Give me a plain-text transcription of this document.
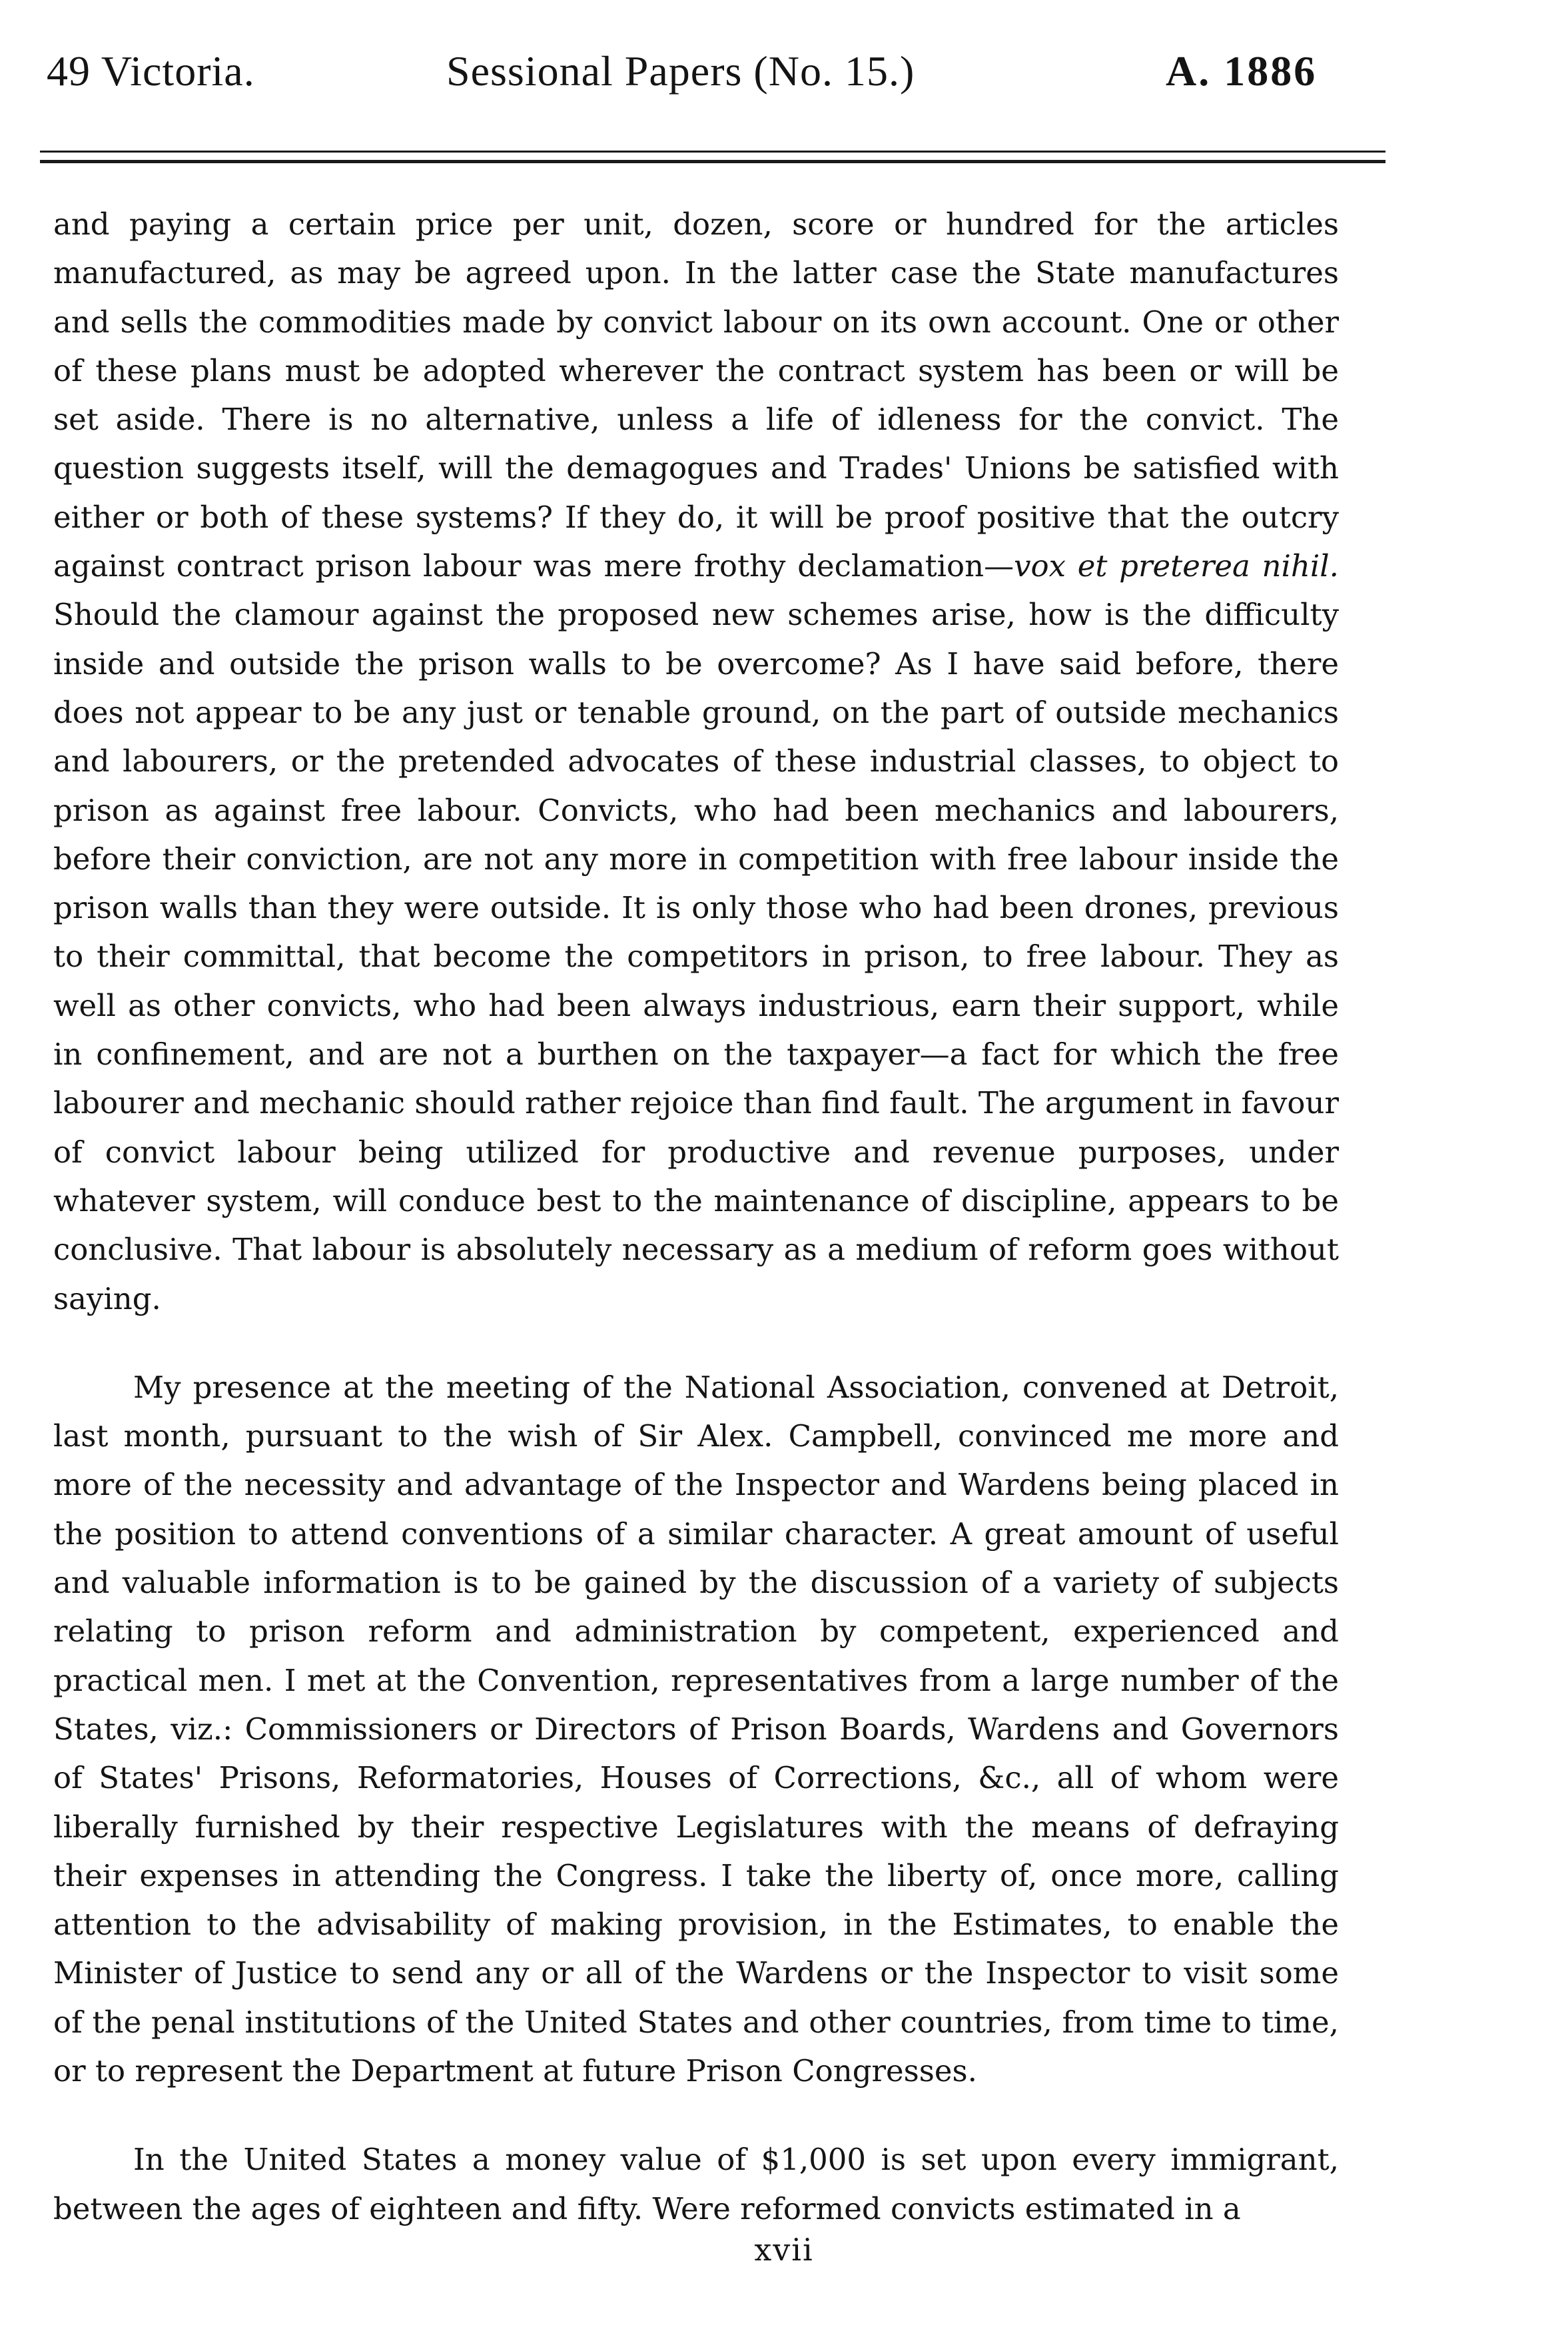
49 Victoria.	Sessional Papers (No. 15.)	A. 1886

and paying a certain price per unit, dozen, score or hundred for the articles manufactured, as may be agreed upon. In the latter case the State manufactures and sells the commodities made by convict labour on its own account. One or other of these plans must be adopted wherever the contract system has been or will be set aside. There is no alternative, unless a life of idleness for the convict. The question suggests itself, will the demagogues and Trades' Unions be satisfied with either or both of these systems? If they do, it will be proof positive that the outcry against contract prison labour was mere frothy declamation—vox et preterea nihil. Should the clamour against the proposed new schemes arise, how is the difficulty inside and outside the prison walls to be overcome? As I have said before, there does not appear to be any just or tenable ground, on the part of outside mechanics and labourers, or the pretended advocates of these industrial classes, to object to prison as against free labour. Convicts, who had been mechanics and labourers, before their conviction, are not any more in competition with free labour inside the prison walls than they were outside. It is only those who had been drones, previous to their committal, that become the competitors in prison, to free labour. They as well as other convicts, who had been always industrious, earn their support, while in confinement, and are not a burthen on the taxpayer—a fact for which the free labourer and mechanic should rather rejoice than find fault. The argument in favour of convict labour being utilized for productive and revenue purposes, under whatever system, will conduce best to the maintenance of discipline, appears to be conclusive. That labour is absolutely necessary as a medium of reform goes without saying.

My presence at the meeting of the National Association, convened at Detroit, last month, pursuant to the wish of Sir Alex. Campbell, convinced me more and more of the necessity and advantage of the Inspector and Wardens being placed in the position to attend conventions of a similar character. A great amount of useful and valuable information is to be gained by the discussion of a variety of subjects relating to prison reform and administration by competent, experienced and practical men. I met at the Convention, representatives from a large number of the States, viz.: Commissioners or Directors of Prison Boards, Wardens and Governors of States' Prisons, Reformatories, Houses of Corrections, &c., all of whom were liberally furnished by their respective Legislatures with the means of defraying their expenses in attending the Congress. I take the liberty of, once more, calling attention to the advisability of making provision, in the Estimates, to enable the Minister of Justice to send any or all of the Wardens or the Inspector to visit some of the penal institutions of the United States and other countries, from time to time, or to represent the Department at future Prison Congresses.

In the United States a money value of $1,000 is set upon every immigrant, between the ages of eighteen and fifty. Were reformed convicts estimated in a

xvii
